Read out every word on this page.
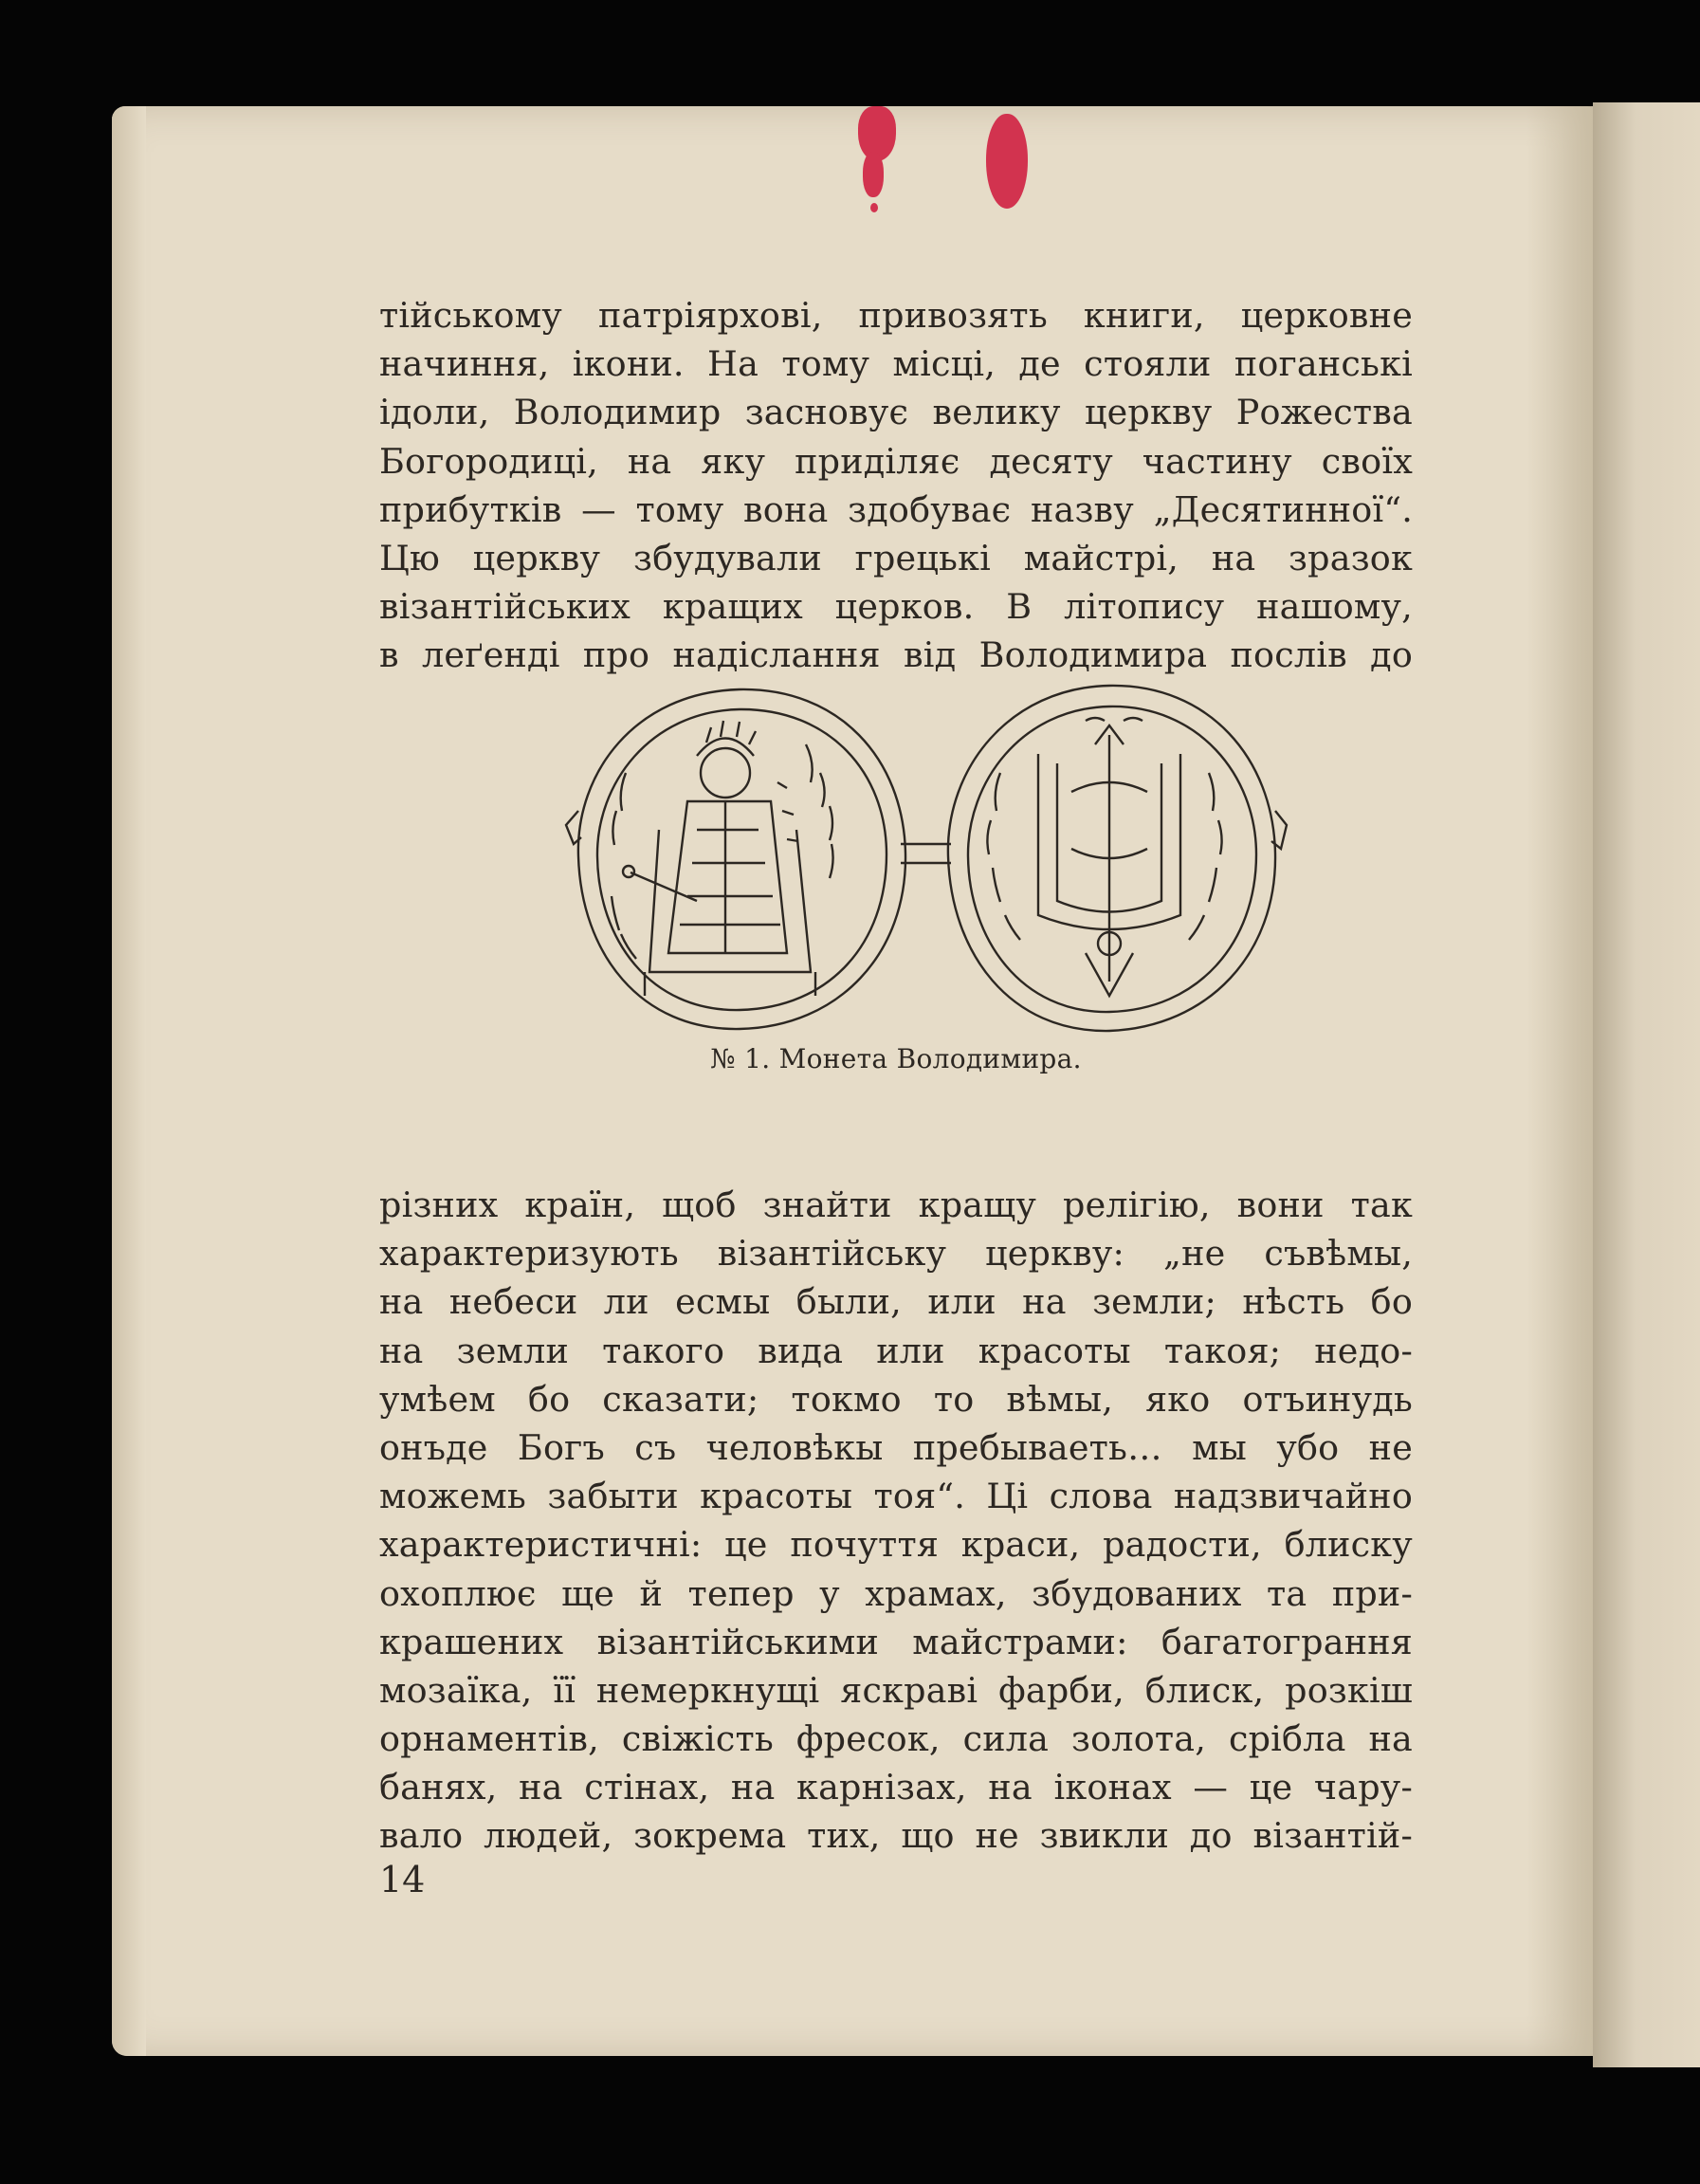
тійському патріярхові, привозять книги, церковне
начиння, ікони. На тому місці, де стояли поганські
ідоли, Володимир засновує велику церкву Рожества
Богородиці, на яку приділяє десяту частину своїх
прибутків — тому вона здобуває назву „Десятинної“.
Цю церкву збудували грецькі майстрі, на зразок
візантійських кращих церков. В літопису нашому,
в леґенді про надіслання від Володимира послів до
№ 1. Монета Володимира.
різних країн, щоб знайти кращу релігію, вони так
характеризують візантійську церкву: „не съвѣмы,
на небеси ли есмы были, или на земли; нѣсть бо
на земли такого вида или красоты такоя; недо-
умѣем бо сказати; токмо то вѣмы, яко отъинудь
онъде Богъ съ человѣкы пребываеть… мы убо не
можемь забыти красоты тоя“. Ці слова надзвичайно
характеристичні: це почуття краси, радости, блиску
охоплює ще й тепер у храмах, збудованих та при-
крашених візантійськими майстрами: багатограння
мозаїка, її немеркнущі яскраві фарби, блиск, розкіш
орнаментів, свіжість фресок, сила золота, срібла на
банях, на стінах, на карнізах, на іконах — це чару-
вало людей, зокрема тих, що не звикли до візантій-
14
